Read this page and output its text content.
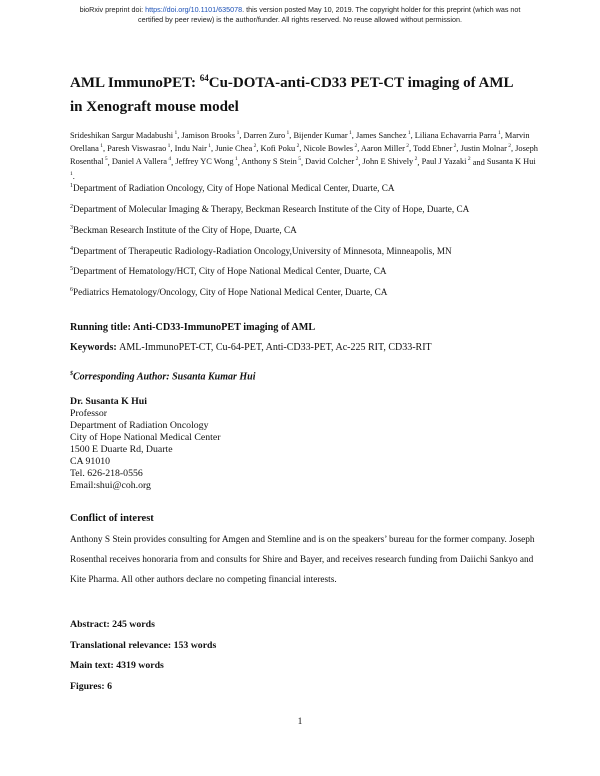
bioRxiv preprint doi: https://doi.org/10.1101/635078. this version posted May 10, 2019. The copyright holder for this preprint (which was not
certified by peer review) is the author/funder. All rights reserved. No reuse allowed without permission.
AML ImmunoPET: $^{64}$Cu-DOTA-anti-CD33 PET-CT imaging of AML
in Xenograft mouse model
Srideshikan Sargur Madabushi $^1$, Jamison Brooks $^1$, Darren Zuro $^1$, Bijender Kumar $^1$, James Sanchez $^1$, Liliana Echavarria Parra $^1$, Marvin Orellana $^1$, Paresh Viswasrao $^1$, Indu Nair $^1$, Junie Chea $^2$, Kofi Poku $^2$, Nicole Bowles $^2$, Aaron Miller $^2$, Todd Ebner $^2$, Justin Molnar $^2$, Joseph Rosenthal $^5$, Daniel A Vallera $^4$, Jeffrey YC Wong $^1$, Anthony S Stein $^5$, David Colcher $^2$, John E Shively $^2$, Paul J Yazaki $^2$ and Susanta K Hui $^1$.
$^1$Department of Radiation Oncology, City of Hope National Medical Center, Duarte, CA
$^2$Department of Molecular Imaging & Therapy, Beckman Research Institute of the City of Hope, Duarte, CA
$^3$Beckman Research Institute of the City of Hope, Duarte, CA
$^4$Department of Therapeutic Radiology-Radiation Oncology,University of Minnesota, Minneapolis, MN
$^5$Department of Hematology/HCT, City of Hope National Medical Center, Duarte, CA
$^6$Pediatrics Hematology/Oncology, City of Hope National Medical Center, Duarte, CA
Running title: Anti-CD33-ImmunoPET imaging of AML
Keywords: AML-ImmunoPET-CT, Cu-64-PET, Anti-CD33-PET, Ac-225 RIT, CD33-RIT
$Corresponding Author: Susanta Kumar Hui
Dr. Susanta K Hui
Professor
Department of Radiation Oncology
City of Hope National Medical Center
1500 E Duarte Rd, Duarte
CA 91010
Tel. 626-218-0556
Email:shui@coh.org
Conflict of interest
Anthony S Stein provides consulting for Amgen and Stemline and is on the speakers’ bureau for the former company. Joseph Rosenthal receives honoraria from and consults for Shire and Bayer, and receives research funding from Daiichi Sankyo and Kite Pharma. All other authors declare no competing financial interests.
Abstract: 245 words
Translational relevance: 153 words
Main text: 4319 words
Figures: 6
1
